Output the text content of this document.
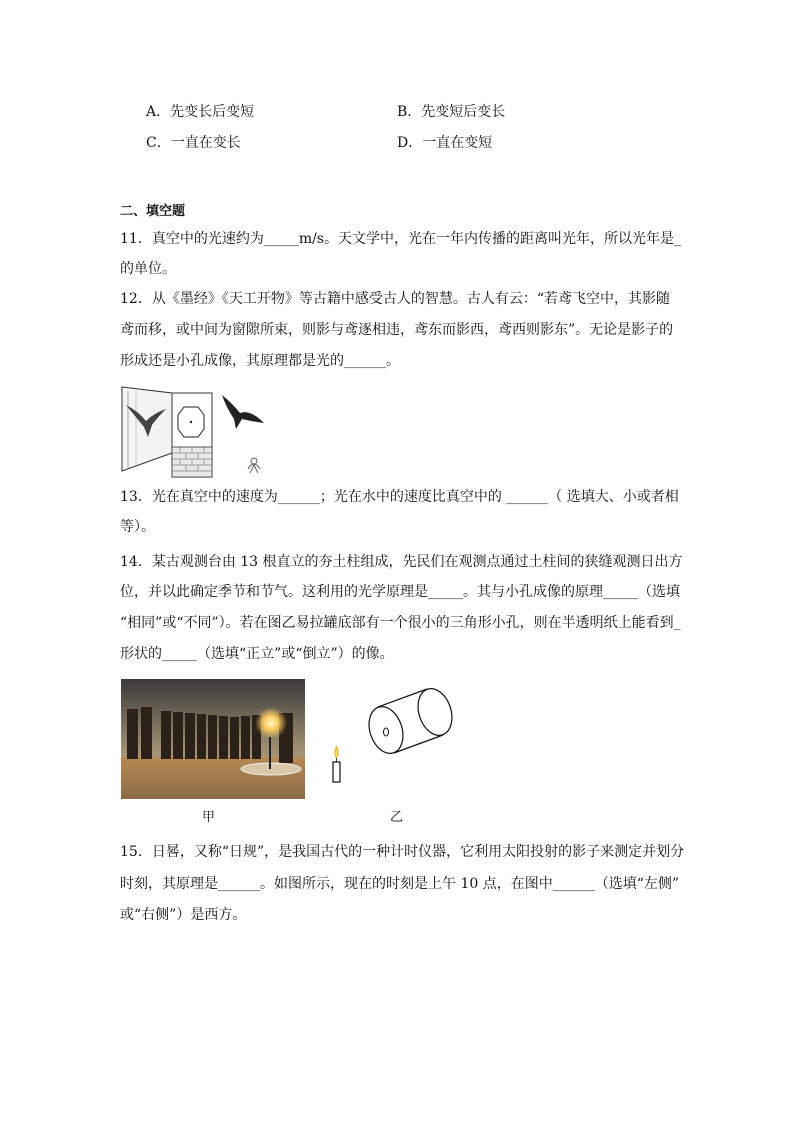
A．先变长后变短	B．先变短后变长
C．一直在变长	D．一直在变短
二、填空题
11．真空中的光速约为_____m/s。天文学中，光在一年内传播的距离叫光年，所以光年是_
的单位。
12．从《墨经》《天工开物》等古籍中感受古人的智慧。古人有云：“若鸢飞空中，其影随
鸢而移，或中间为窗隙所束，则影与鸢逐相违，鸢东而影西，鸢西则影东”。无论是影子的
形成还是小孔成像，其原理都是光的______。
13．光在真空中的速度为______；光在水中的速度比真空中的 ______（ 选填大、小或者相
等）。
14．某古观测台由 13 根直立的夯土柱组成，先民们在观测点通过土柱间的狭缝观测日出方
位，并以此确定季节和节气。这利用的光学原理是_____。其与小孔成像的原理_____（选填
“相同”或“不同”）。若在图乙易拉罐底部有一个很小的三角形小孔，则在半透明纸上能看到_
形状的_____（选填“正立”或“倒立”）的像。
甲	乙
15．日晷，又称“日规”，是我国古代的一种计时仪器，它利用太阳投射的影子来测定并划分
时刻，其原理是______。如图所示，现在的时刻是上午 10 点，在图中______（选填“左侧”
或“右侧”）是西方。
